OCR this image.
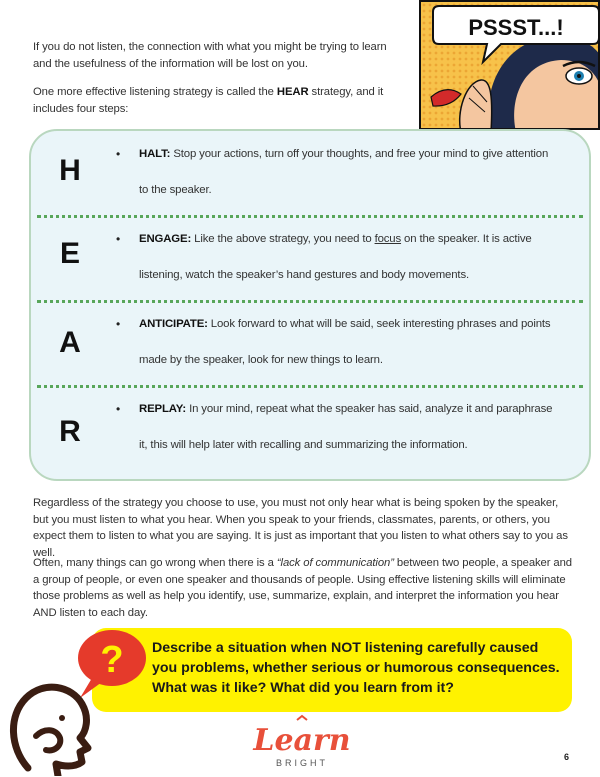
If you do not listen, the connection with what you might be trying to learn and the usefulness of the information will be lost on you.
One more effective listening strategy is called the HEAR strategy, and it includes four steps:
PSSST...!
H	• HALT: Stop your actions, turn off your thoughts, and free your mind to give attention to the speaker.
E	• ENGAGE: Like the above strategy, you need to focus on the speaker. It is active listening, watch the speaker’s hand gestures and body movements.
A
• ANTICIPATE: Look forward to what will be said, seek interesting phrases and points made by the speaker, look for new things to learn.
R
• REPLAY: In your mind, repeat what the speaker has said, analyze it and paraphrase it, this will help later with recalling and summarizing the information.
Regardless of the strategy you choose to use, you must not only hear what is being spoken by the speaker, but you must listen to what you hear. When you speak to your friends, classmates, parents, or others, you expect them to listen to what you are saying. It is just as important that you listen to what others say to you as well.
Often, many things can go wrong when there is a “lack of communication” between two people, a speaker and a group of people, or even one speaker and thousands of people. Using effective listening skills will eliminate those problems as well as help you identify, use, summarize, explain, and interpret the information you hear AND listen to each day.
Describe a situation when NOT listening carefully caused you problems, whether serious or humorous consequences. What was it like? What did you learn from it?
?
Learn
BRIGHT
6
